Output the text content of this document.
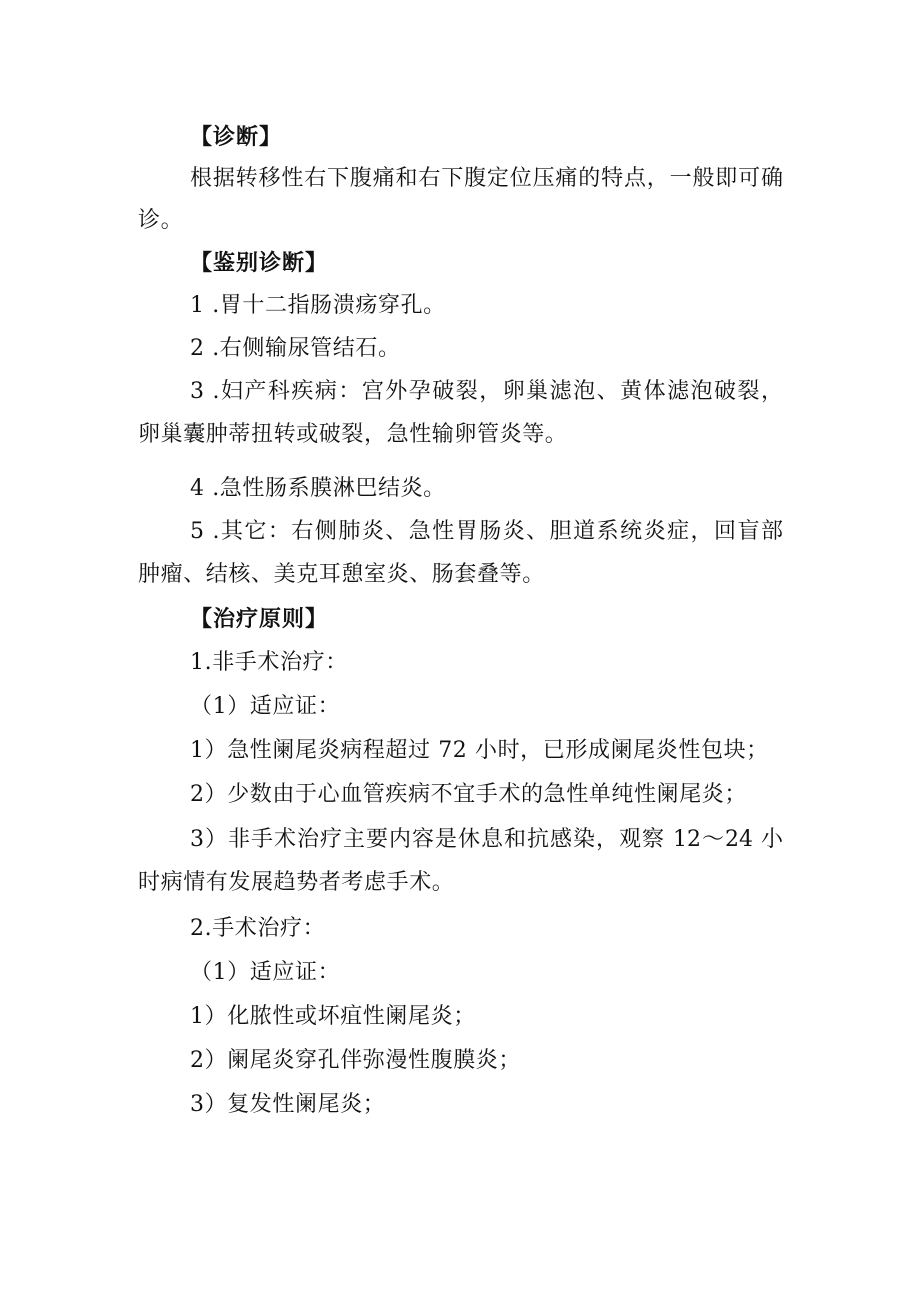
【诊断】
根据转移性右下腹痛和右下腹定位压痛的特点，一般即可确
诊。
【鉴别诊断】
1 .胃十二指肠溃疡穿孔。
2 .右侧输尿管结石。
3 .妇产科疾病：宫外孕破裂，卵巢滤泡、黄体滤泡破裂，
卵巢囊肿蒂扭转或破裂，急性输卵管炎等。
4 .急性肠系膜淋巴结炎。
5 .其它：右侧肺炎、急性胃肠炎、胆道系统炎症，回盲部
肿瘤、结核、美克耳憩室炎、肠套叠等。
【治疗原则】
1.非手术治疗：
（1）适应证：
1）急性阑尾炎病程超过 72 小时，已形成阑尾炎性包块；
2）少数由于心血管疾病不宜手术的急性单纯性阑尾炎；
3）非手术治疗主要内容是休息和抗感染，观察 12～24 小
时病情有发展趋势者考虑手术。
2.手术治疗：
（1）适应证：
1）化脓性或坏疽性阑尾炎；
2）阑尾炎穿孔伴弥漫性腹膜炎；
3）复发性阑尾炎；
